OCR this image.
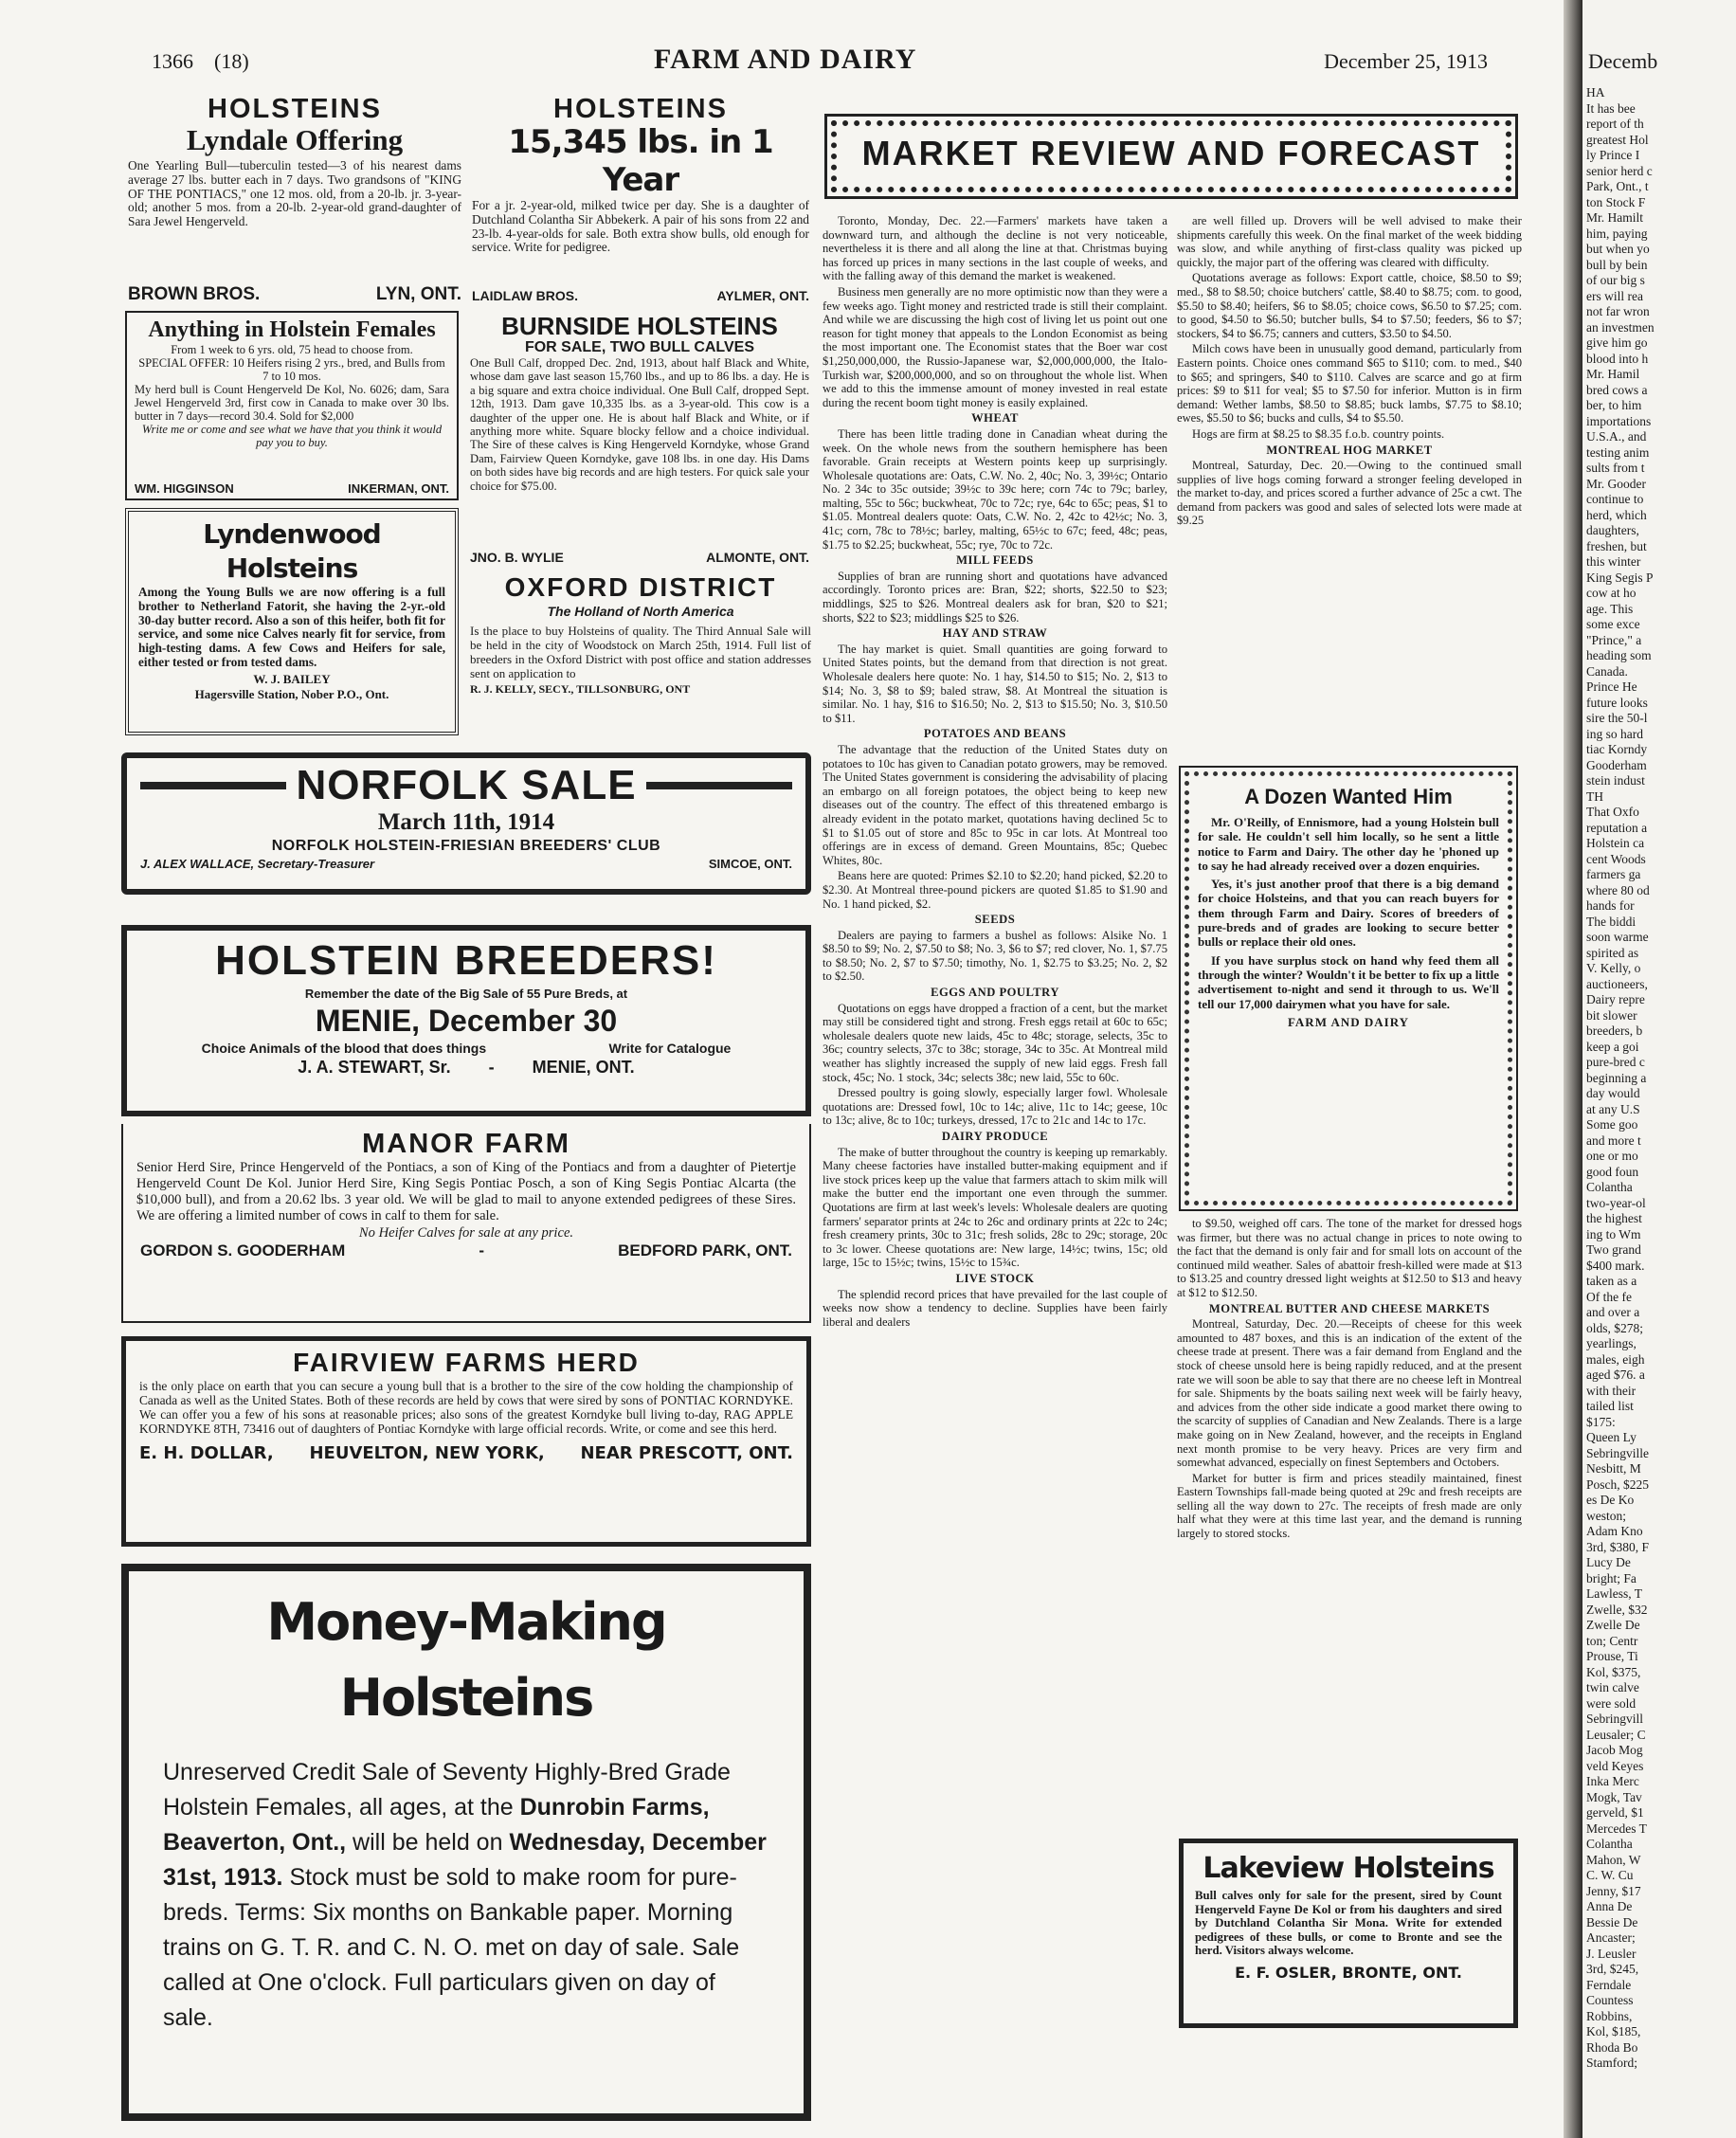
1366    (18)	FARM AND DAIRY	December 25, 1913
HOLSTEINS
Lyndale Offering
One Yearling Bull—tuberculin tested—3 of his nearest dams average 27 lbs. butter each in 7 days. Two grandsons of "KING OF THE PONTIACS," one 12 mos. old, from a 20-lb. jr. 3-year-old; another 5 mos. from a 20-lb. 2-year-old grand-daughter of Sara Jewel Hengerveld.
BROWN BROS.	LYN, ONT.
HOLSTEINS
15,345 lbs. in 1 Year
For a jr. 2-year-old, milked twice per day. She is a daughter of Dutchland Colantha Sir Abbekerk. A pair of his sons from 22 and 23-lb. 4-year-olds for sale. Both extra show bulls, old enough for service. Write for pedigree.
LAIDLAW BROS.	AYLMER, ONT.
Anything in Holstein Females
From 1 week to 6 yrs. old, 75 head to choose from.
SPECIAL OFFER: 10 Heifers rising 2 yrs., bred, and Bulls from 7 to 10 mos.
My herd bull is Count Hengerveld De Kol, No. 6026; dam, Sara Jewel Hengerveld 3rd, first cow in Canada to make over 30 lbs. butter in 7 days—record 30.4. Sold for $2,000
Write me or come and see what we have that you think it would pay you to buy.
WM. HIGGINSON	INKERMAN, ONT.
BURNSIDE HOLSTEINS
FOR SALE, TWO BULL CALVES
One Bull Calf, dropped Dec. 2nd, 1913, about half Black and White, whose dam gave last season 15,760 lbs., and up to 86 lbs. a day. He is a big square and extra choice individual. One Bull Calf, dropped Sept. 12th, 1913. Dam gave 10,335 lbs. as a 3-year-old. This cow is a daughter of the upper one. He is about half Black and White, or if anything more white. Square blocky fellow and a choice individual. The Sire of these calves is King Hengerveld Korndyke, whose Grand Dam, Fairview Queen Korndyke, gave 108 lbs. in one day. His Dams on both sides have big records and are high testers. For quick sale your choice for $75.00.
JNO. B. WYLIE	ALMONTE, ONT.
Lyndenwood Holsteins
Among the Young Bulls we are now offering is a full brother to Netherland Fatorit, she having the 2-yr.-old 30-day butter record. Also a son of this heifer, both fit for service, and some nice Calves nearly fit for service, from high-testing dams. A few Cows and Heifers for sale, either tested or from tested dams.
W. J. BAILEY
Hagersville Station, Nober P.O., Ont.
OXFORD DISTRICT
The Holland of North America
Is the place to buy Holsteins of quality. The Third Annual Sale will be held in the city of Woodstock on March 25th, 1914. Full list of breeders in the Oxford District with post office and station addresses sent on application to
R. J. KELLY, SECY., TILLSONBURG, ONT
NORFOLK SALE
March 11th, 1914
NORFOLK HOLSTEIN-FRIESIAN BREEDERS' CLUB
J. ALEX WALLACE, Secretary-Treasurer	SIMCOE, ONT.
HOLSTEIN BREEDERS!
Remember the date of the Big Sale of 55 Pure Breds, at
MENIE, December 30
Choice Animals of the blood that does things	Write for Catalogue
J. A. STEWART, Sr. - MENIE, ONT.
MANOR FARM
Senior Herd Sire, Prince Hengerveld of the Pontiacs, a son of King of the Pontiacs and from a daughter of Pietertje Hengerveld Count De Kol. Junior Herd Sire, King Segis Pontiac Posch, a son of King Segis Pontiac Alcarta (the $10,000 bull), and from a 20.62 lbs. 3 year old. We will be glad to mail to anyone extended pedigrees of these Sires. We are offering a limited number of cows in calf to them for sale.
No Heifer Calves for sale at any price.
GORDON S. GOODERHAM	-	BEDFORD PARK, ONT.
FAIRVIEW FARMS HERD
is the only place on earth that you can secure a young bull that is a brother to the sire of the cow holding the championship of Canada as well as the United States. Both of these records are held by cows that were sired by sons of PONTIAC KORNDYKE. We can offer you a few of his sons at reasonable prices; also sons of the greatest Korndyke bull living to-day, RAG APPLE KORNDYKE 8TH, 73416 out of daughters of Pontiac Korndyke with large official records. Write, or come and see this herd.
E. H. DOLLAR, HEUVELTON, NEW YORK, NEAR PRESCOTT, ONT.
Money-Making Holsteins
Unreserved Credit Sale of Seventy Highly-Bred Grade Holstein Females, all ages, at the Dunrobin Farms, Beaverton, Ont., will be held on Wednesday, December 31st, 1913. Stock must be sold to make room for pure-breds. Terms: Six months on Bankable paper. Morning trains on G. T. R. and C. N. O. met on day of sale. Sale called at One o'clock. Full particulars given on day of sale.
MARKET REVIEW AND FORECAST

Toronto, Monday, Dec. 22.—Farmers' markets have taken a downward turn, and although the decline is not very noticeable, nevertheless it is there and all along the line at that. Christmas buying has forced up prices in many sections in the last couple of weeks, and with the falling away of this demand the market is weakened.

Business men generally are no more optimistic now than they were a few weeks ago. Tight money and restricted trade is still their complaint. And while we are discussing the high cost of living let us point out one reason for tight money that appeals to the London Economist as being the most important one. The Economist states that the Boer war cost $1,250,000,000, the Russio-Japanese war, $2,000,000,000, the Italo-Turkish war, $200,000,000, and so on throughout the whole list. When we add to this the immense amount of money invested in real estate during the recent boom tight money is easily explained.

WHEAT

There has been little trading done in Canadian wheat during the week. On the whole news from the southern hemisphere has been favorable. Grain receipts at Western points keep up surprisingly. Wholesale quotations are: Oats, C.W. No. 2, 40c; No. 3, 39½c; Ontario No. 2 34c to 35c outside; 39½c to 39c here; corn 74c to 79c; barley, malting, 55c to 56c; buckwheat, 70c to 72c; rye, 64c to 65c; peas, $1 to $1.05. Montreal dealers quote: Oats, C.W. No. 2, 42c to 42½c; No. 3, 41c; corn, 78c to 78½c; barley, malting, 65½c to 67c; feed, 48c; peas, $1.75 to $2.25; buckwheat, 55c; rye, 70c to 72c.

MILL FEEDS

Supplies of bran are running short and quotations have advanced accordingly. Toronto prices are: Bran, $22; shorts, $22.50 to $23; middlings, $25 to $26. Montreal dealers ask for bran, $20 to $21; shorts, $22 to $23; middlings $25 to $26.

HAY AND STRAW

The hay market is quiet. Small quantities are going forward to United States points, but the demand from that direction is not great. Wholesale dealers here quote: No. 1 hay, $14.50 to $15; No. 2, $13 to $14; No. 3, $8 to $9; baled straw, $8. At Montreal the situation is similar. No. 1 hay, $16 to $16.50; No. 2, $13 to $15.50; No. 3, $10.50 to $11.

POTATOES AND BEANS

The advantage that the reduction of the United States duty on potatoes to 10c has given to Canadian potato growers, may be removed. The United States government is considering the advisability of placing an embargo on all foreign potatoes, the object being to keep new diseases out of the country. The effect of this threatened embargo is already evident in the potato market, quotations having declined 5c to $1 to $1.05 out of store and 85c to 95c in car lots. At Montreal too offerings are in excess of demand. Green Mountains, 85c; Quebec Whites, 80c.

Beans here are quoted: Primes $2.10 to $2.20; hand picked, $2.20 to $2.30. At Montreal three-pound pickers are quoted $1.85 to $1.90 and No. 1 hand picked, $2.

SEEDS

Dealers are paying to farmers a bushel as follows: Alsike No. 1 $8.50 to $9; No. 2, $7.50 to $8; No. 3, $6 to $7; red clover, No. 1, $7.75 to $8.50; No. 2, $7 to $7.50; timothy, No. 1, $2.75 to $3.25; No. 2, $2 to $2.50.

EGGS AND POULTRY

Quotations on eggs have dropped a fraction of a cent, but the market may still be considered tight and strong. Fresh eggs retail at 60c to 65c; wholesale dealers quote new laids, 45c to 48c; storage, selects, 35c to 36c; country selects, 37c to 38c; storage, 34c to 35c. At Montreal mild weather has slightly increased the supply of new laid eggs. Fresh fall stock, 45c; No. 1 stock, 34c; selects 38c; new laid, 55c to 60c.

Dressed poultry is going slowly, especially larger fowl. Wholesale quotations are: Dressed fowl, 10c to 14c; alive, 11c to 14c; geese, 10c to 13c; alive, 8c to 10c; turkeys, dressed, 17c to 21c and 14c to 17c.

DAIRY PRODUCE

The make of butter throughout the country is keeping up remarkably. Many cheese factories have installed butter-making equipment and if live stock prices keep up the value that farmers attach to skim milk will make the butter end the important one even through the summer. Quotations are firm at last week's levels: Wholesale dealers are quoting farmers' separator prints at 24c to 26c and ordinary prints at 22c to 24c; fresh creamery prints, 30c to 31c; fresh solids, 28c to 29c; storage, 20c to 3c lower. Cheese quotations are: New large, 14½c; twins, 15c; old large, 15c to 15½c; twins, 15½c to 15¾c.

LIVE STOCK

The splendid record prices that have prevailed for the last couple of weeks now show a tendency to decline. Supplies have been fairly liberal and dealers

are well filled up. Drovers will be well advised to make their shipments carefully this week. On the final market of the week bidding was slow, and while anything of first-class quality was picked up quickly, the major part of the offering was cleared with difficulty.

Quotations average as follows: Export cattle, choice, $8.50 to $9; med., $8 to $8.50; choice butchers' cattle, $8.40 to $8.75; com. to good, $5.50 to $8.40; heifers, $6 to $8.05; choice cows, $6.50 to $7.25; com. to good, $4.50 to $6.50; butcher bulls, $4 to $7.50; feeders, $6 to $7; stockers, $4 to $6.75; canners and cutters, $3.50 to $4.50.

Milch cows have been in unusually good demand, particularly from Eastern points. Choice ones command $65 to $110; com. to med., $40 to $65; and springers, $40 to $110. Calves are scarce and go at firm prices: $9 to $11 for veal; $5 to $7.50 for inferior. Mutton is in firm demand: Wether lambs, $8.50 to $8.85; buck lambs, $7.75 to $8.10; ewes, $5.50 to $6; bucks and culls, $4 to $5.50.

Hogs are firm at $8.25 to $8.35 f.o.b. country points.

MONTREAL HOG MARKET

Montreal, Saturday, Dec. 20.—Owing to the continued small supplies of live hogs coming forward a stronger feeling developed in the market to-day, and prices scored a further advance of 25c a cwt. The demand from packers was good and sales of selected lots were made at $9.25

A Dozen Wanted Him

Mr. O'Reilly, of Ennismore, had a young Holstein bull for sale. He couldn't sell him locally, so he sent a little notice to Farm and Dairy. The other day he 'phoned up to say he had already received over a dozen enquiries.

Yes, it's just another proof that there is a big demand for choice Holsteins, and that you can reach buyers for them through Farm and Dairy. Scores of breeders of pure-breds and of grades are looking to secure better bulls or replace their old ones.

If you have surplus stock on hand why feed them all through the winter? Wouldn't it be better to fix up a little advertisement to-night and send it through to us. We'll tell our 17,000 dairymen what you have for sale.

FARM AND DAIRY

to $9.50, weighed off cars. The tone of the market for dressed hogs was firmer, but there was no actual change in prices to note owing to the fact that the demand is only fair and for small lots on account of the continued mild weather. Sales of abattoir fresh-killed were made at $13 to $13.25 and country dressed light weights at $12.50 to $13 and heavy at $12 to $12.50.

MONTREAL BUTTER AND CHEESE MARKETS

Montreal, Saturday, Dec. 20.—Receipts of cheese for this week amounted to 487 boxes, and this is an indication of the extent of the cheese trade at present. There was a fair demand from England and the stock of cheese unsold here is being rapidly reduced, and at the present rate we will soon be able to say that there are no cheese left in Montreal for sale. Shipments by the boats sailing next week will be fairly heavy, and advices from the other side indicate a good market there owing to the scarcity of supplies of Canadian and New Zealands. There is a large make going on in New Zealand, however, and the receipts in England next month promise to be very heavy. Prices are very firm and somewhat advanced, especially on finest Septembers and Octobers.

Market for butter is firm and prices steadily maintained, finest Eastern Townships fall-made being quoted at 29c and fresh receipts are selling all the way down to 27c. The receipts of fresh made are only half what they were at this time last year, and the demand is running largely to stored stocks.

Lakeview Holsteins
Bull calves only for sale for the present, sired by Count Hengerveld Fayne De Kol or from his daughters and sired by Dutchland Colantha Sir Mona. Write for extended pedigrees of these bulls, or come to Bronte and see the herd. Visitors always welcome.
E. F. OSLER, BRONTE, ONT.
Decemb
HA
It has bee
report of th
greatest Hol
ly Prince I
senior herd c
Park, Ont., t
ton Stock F
Mr. Hamilt
him, paying
but when yo
bull by bein
of our big s
ers will rea
not far wron
an investmen
give him go
blood into h
Mr. Hamil
bred cows a
ber, to him
importations
U.S.A., and
testing anim
sults from t
Mr. Gooder
continue to
herd, which
daughters,
freshen, but
this winter
King Segis P
cow at ho
age. This
some exce
"Prince," a
heading som
Canada.
Prince He
future looks
sire the 50-l
ing so hard
tiac Korndy
Gooderham
stein indust
TH
That Oxfo
reputation a
Holstein ca
cent Woods
farmers ga
where 80 od
hands for
The biddi
soon warme
spirited as
V. Kelly, o
auctioneers,
Dairy repre
bit slower
breeders, b
keep a goi
pure-bred c
beginning a
day would
at any U.S
Some goo
and more t
one or mo
good foun
Colantha
two-year-ol
the highest
ing to Wm
Two grand
$400 mark.
taken as a
Of the fe
and over a
olds, $278;
yearlings,
males, eigh
aged $76. a
with their
tailed list
$175:
Queen Ly
Sebringville
Nesbitt, M
Posch, $225
es De Ko
weston;
Adam Kno
3rd, $380, F
Lucy De
bright; Fa
Lawless, T
Zwelle, $32
Zwelle De
ton; Centr
Prouse, Ti
Kol, $375,
twin calve
were sold
Sebringvill
Leusaler; C
Jacob Mog
veld Keyes
Inka Merc
Mogk, Tav
gerveld, $1
Mercedes T
Colantha
Mahon, W
C. W. Cu
Jenny, $17
Anna De
Bessie De
Ancaster;
J. Leusler
3rd, $245,
Ferndale
Countess
Robbins,
Kol, $185,
Rhoda Bo
Stamford;
